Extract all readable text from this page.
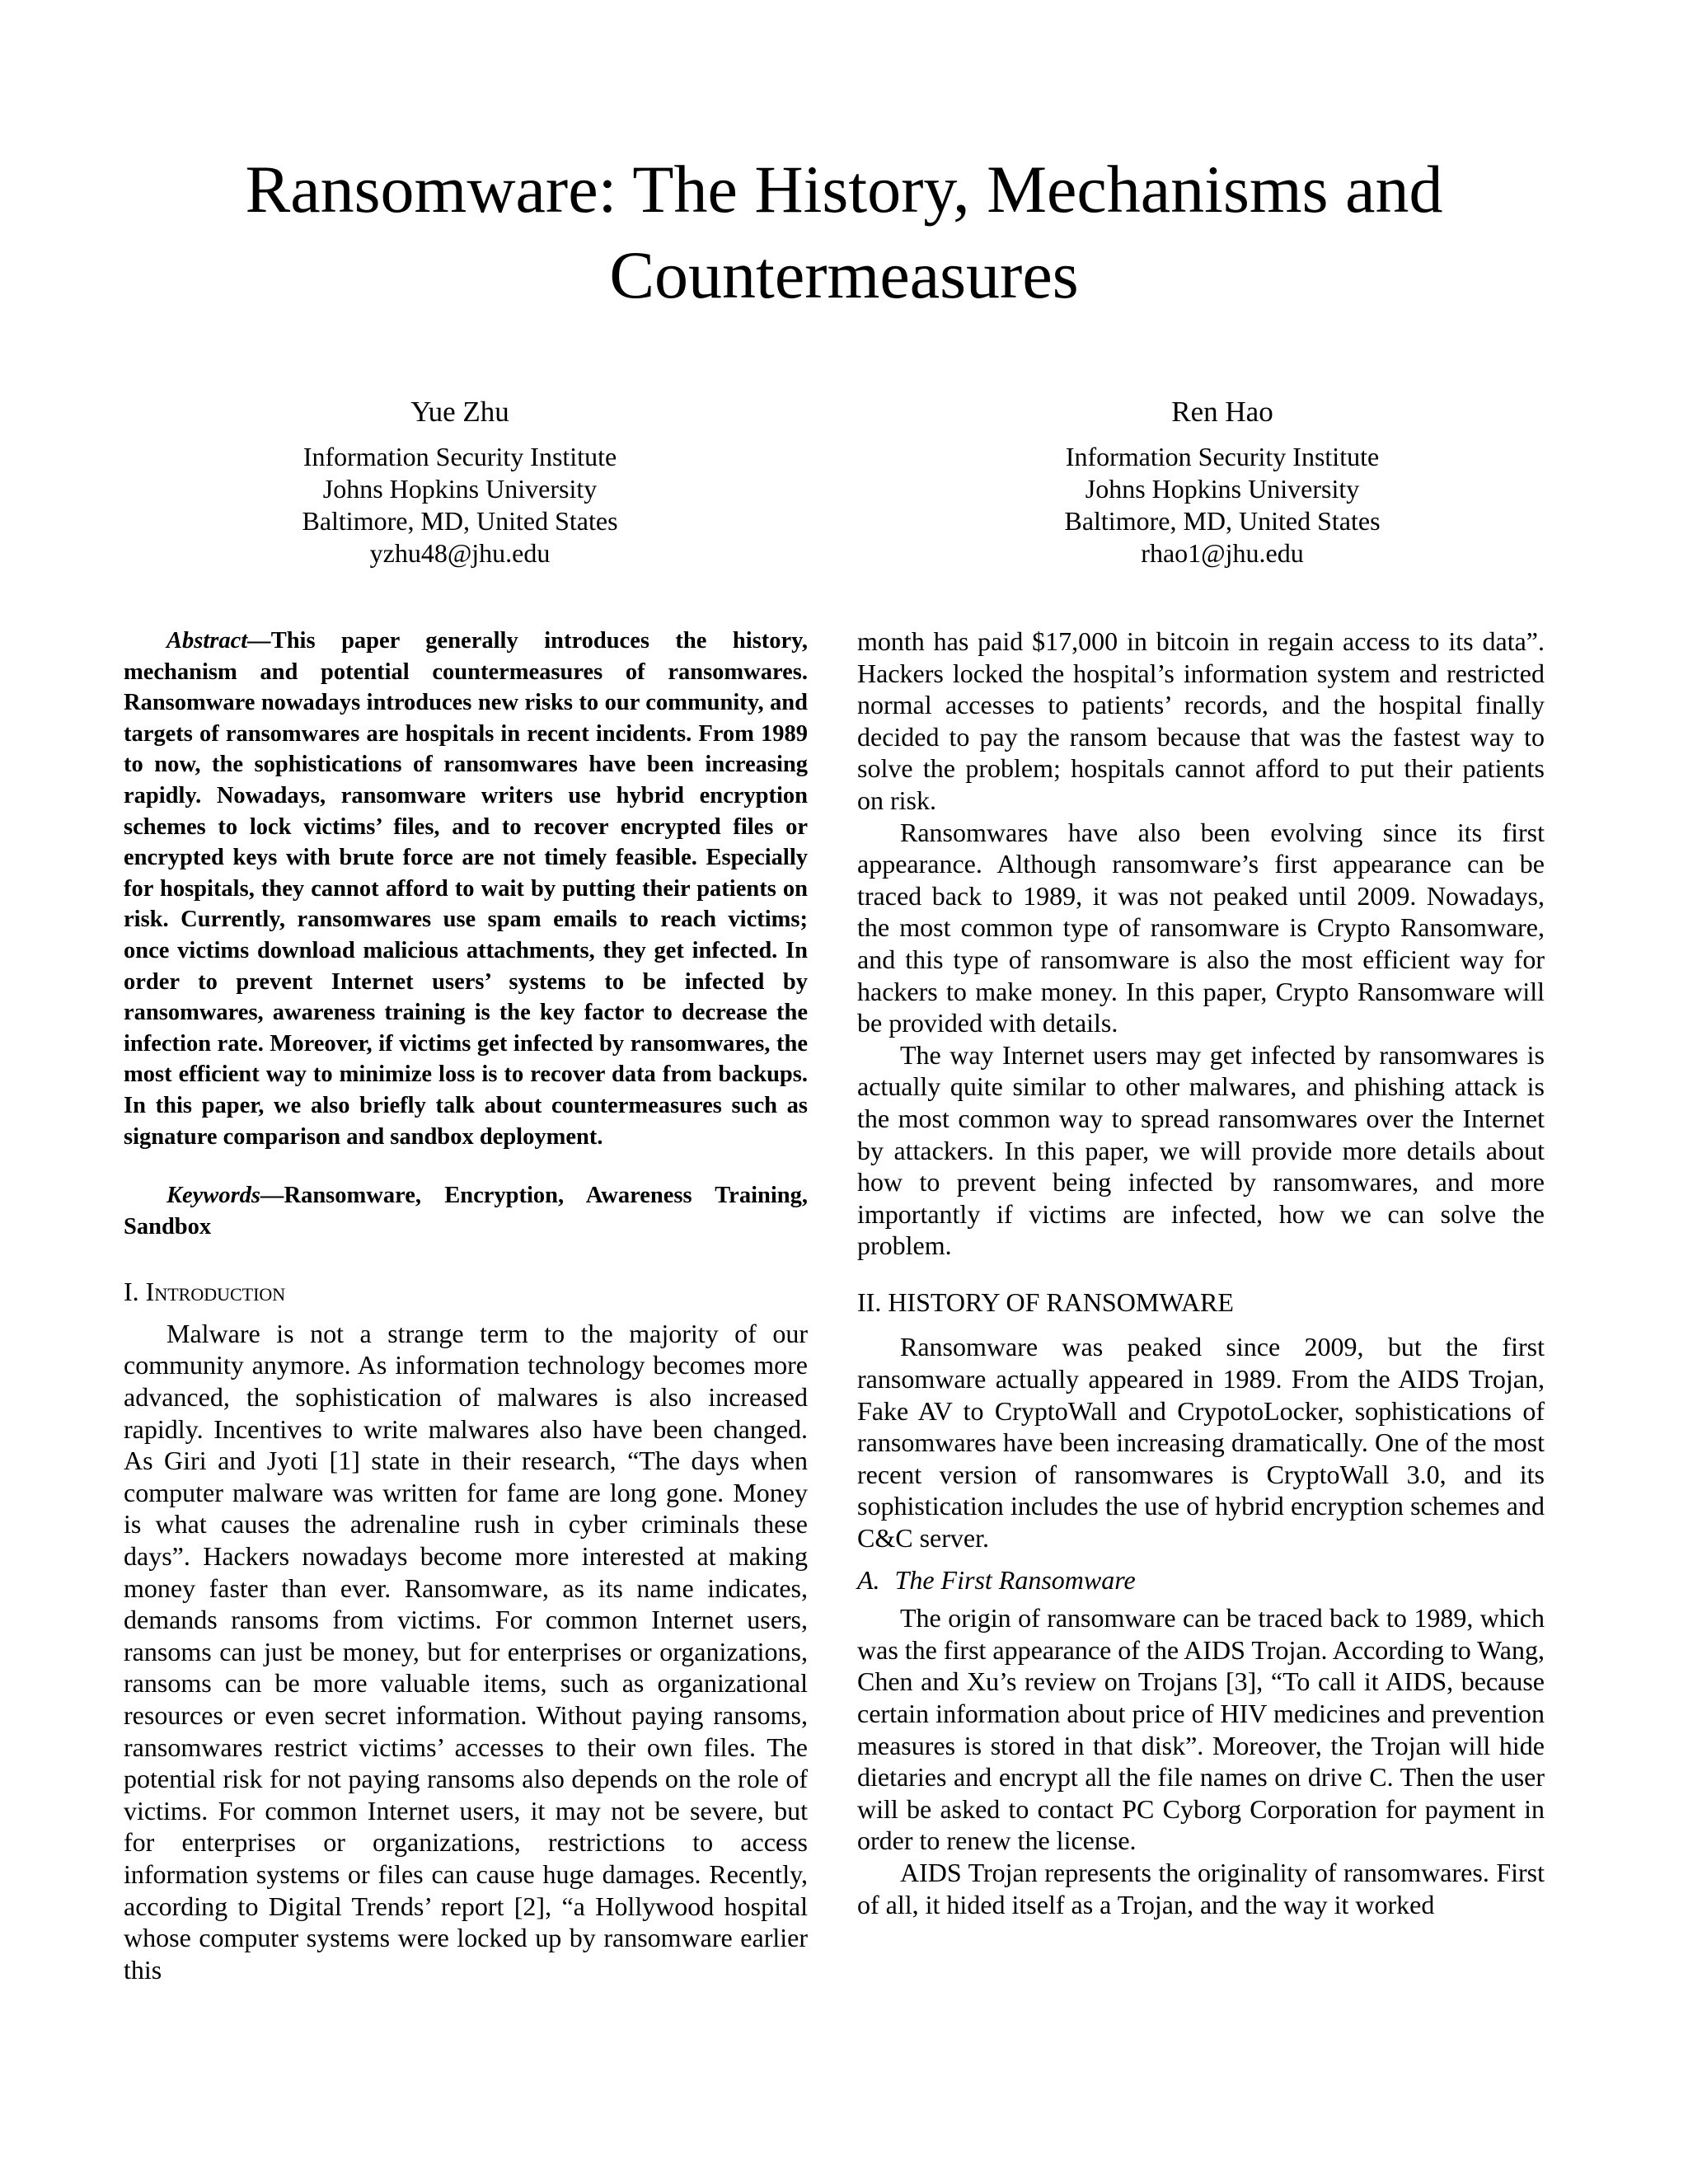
Ransomware: The History, Mechanisms and Countermeasures
Yue Zhu
Information Security Institute
Johns Hopkins University
Baltimore, MD, United States
yzhu48@jhu.edu
Ren Hao
Information Security Institute
Johns Hopkins University
Baltimore, MD, United States
rhao1@jhu.edu

Abstract—This paper generally introduces the history, mechanism and potential countermeasures of ransomwares. Ransomware nowadays introduces new risks to our community, and targets of ransomwares are hospitals in recent incidents. From 1989 to now, the sophistications of ransomwares have been increasing rapidly. Nowadays, ransomware writers use hybrid encryption schemes to lock victims’ files, and to recover encrypted files or encrypted keys with brute force are not timely feasible. Especially for hospitals, they cannot afford to wait by putting their patients on risk. Currently, ransomwares use spam emails to reach victims; once victims download malicious attachments, they get infected. In order to prevent Internet users’ systems to be infected by ransomwares, awareness training is the key factor to decrease the infection rate. Moreover, if victims get infected by ransomwares, the most efficient way to minimize loss is to recover data from backups. In this paper, we also briefly talk about countermeasures such as signature comparison and sandbox deployment.

Keywords—Ransomware, Encryption, Awareness Training, Sandbox

I. Introduction

Malware is not a strange term to the majority of our community anymore. As information technology becomes more advanced, the sophistication of malwares is also increased rapidly. Incentives to write malwares also have been changed. As Giri and Jyoti [1] state in their research, “The days when computer malware was written for fame are long gone. Money is what causes the adrenaline rush in cyber criminals these days”. Hackers nowadays become more interested at making money faster than ever. Ransomware, as its name indicates, demands ransoms from victims. For common Internet users, ransoms can just be money, but for enterprises or organizations, ransoms can be more valuable items, such as organizational resources or even secret information. Without paying ransoms, ransomwares restrict victims’ accesses to their own files. The potential risk for not paying ransoms also depends on the role of victims. For common Internet users, it may not be severe, but for enterprises or organizations, restrictions to access information systems or files can cause huge damages. Recently, according to Digital Trends’ report [2], “a Hollywood hospital whose computer systems were locked up by ransomware earlier this

month has paid $17,000 in bitcoin in regain access to its data”. Hackers locked the hospital’s information system and restricted normal accesses to patients’ records, and the hospital finally decided to pay the ransom because that was the fastest way to solve the problem; hospitals cannot afford to put their patients on risk.

Ransomwares have also been evolving since its first appearance. Although ransomware’s first appearance can be traced back to 1989, it was not peaked until 2009. Nowadays, the most common type of ransomware is Crypto Ransomware, and this type of ransomware is also the most efficient way for hackers to make money. In this paper, Crypto Ransomware will be provided with details.

The way Internet users may get infected by ransomwares is actually quite similar to other malwares, and phishing attack is the most common way to spread ransomwares over the Internet by attackers. In this paper, we will provide more details about how to prevent being infected by ransomwares, and more importantly if victims are infected, how we can solve the problem.

II. HISTORY OF RANSOMWARE

Ransomware was peaked since 2009, but the first ransomware actually appeared in 1989. From the AIDS Trojan, Fake AV to CryptoWall and CrypotoLocker, sophistications of ransomwares have been increasing dramatically. One of the most recent version of ransomwares is CryptoWall 3.0, and its sophistication includes the use of hybrid encryption schemes and C&C server.

A. The First Ransomware

The origin of ransomware can be traced back to 1989, which was the first appearance of the AIDS Trojan. According to Wang, Chen and Xu’s review on Trojans [3], “To call it AIDS, because certain information about price of HIV medicines and prevention measures is stored in that disk”. Moreover, the Trojan will hide dietaries and encrypt all the file names on drive C. Then the user will be asked to contact PC Cyborg Corporation for payment in order to renew the license.

AIDS Trojan represents the originality of ransomwares. First of all, it hided itself as a Trojan, and the way it worked
